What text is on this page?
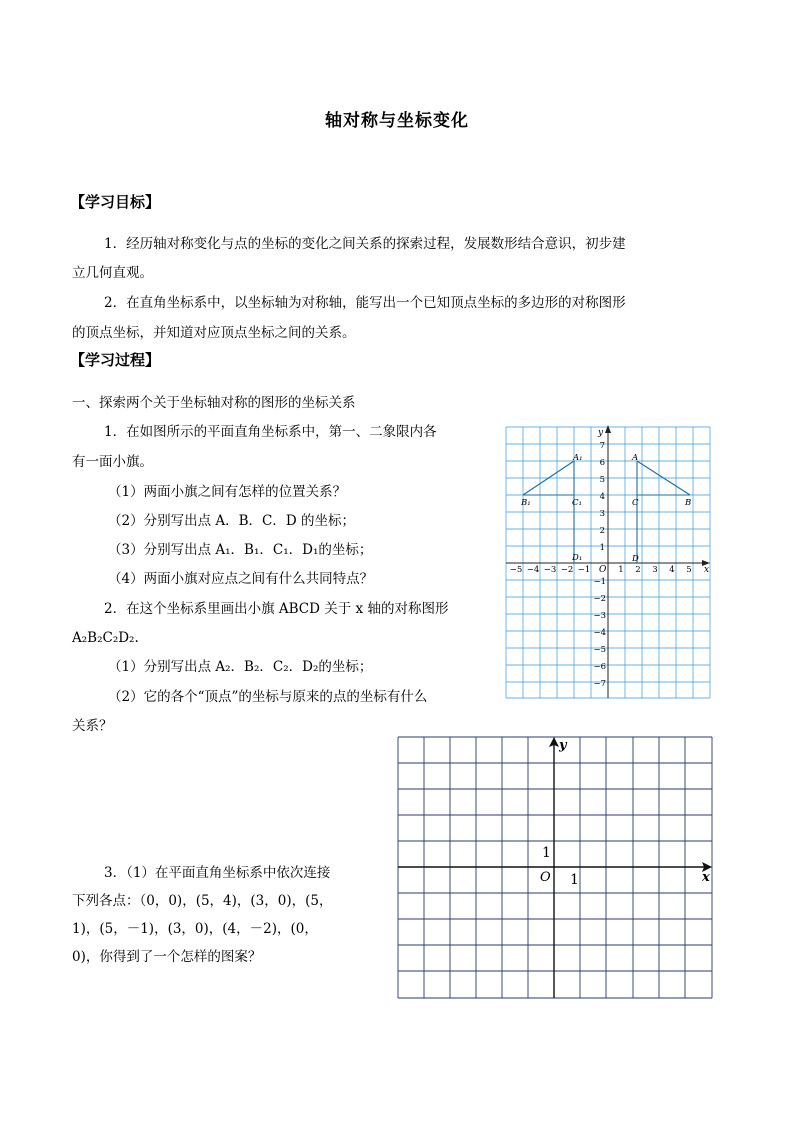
轴对称与坐标变化
【学习目标】
1．经历轴对称变化与点的坐标的变化之间关系的探索过程，发展数形结合意识，初步建
立几何直观。
2．在直角坐标系中，以坐标轴为对称轴，能写出一个已知顶点坐标的多边形的对称图形
的顶点坐标，并知道对应顶点坐标之间的关系。
【学习过程】
一、探索两个关于坐标轴对称的图形的坐标关系
1．在如图所示的平面直角坐标系中，第一、二象限内各
有一面小旗。
（1）两面小旗之间有怎样的位置关系？
（2）分别写出点 A．B．C．D 的坐标；
（3）分别写出点 A₁．B₁．C₁．D₁的坐标；
（4）两面小旗对应点之间有什么共同特点？
2．在这个坐标系里画出小旗 ABCD 关于 x 轴的对称图形
A₂B₂C₂D₂.
（1）分别写出点 A₂．B₂．C₂．D₂的坐标；
（2）它的各个“顶点”的坐标与原来的点的坐标有什么
关系？
3．（1）在平面直角坐标系中依次连接
下列各点：（0，0)，(5，4)，(3，0)，(5，
1)，(5，－1)，(3，0)，(4，－2)，(0，
0)，你得到了一个怎样的图案？
x
y
O
−5 −4 −3 −2 −1	1 2 3 4 5
7
6
5
4
3
2
1
−1
−2
−3
−4
−5
−6
−7
A
B
C
D
A₁
B₁	C₁
D₁
x
y
O 1
1
